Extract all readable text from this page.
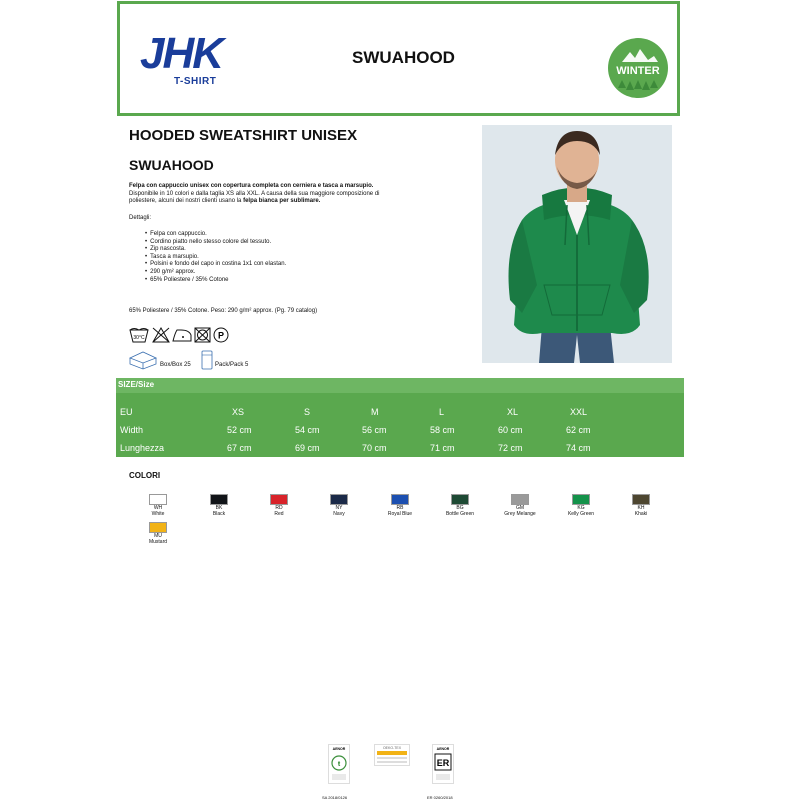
JHK
T-SHIRT
SWUAHOOD
WINTER
HOODED SWEATSHIRT UNISEX
SWUAHOOD
Felpa con cappuccio unisex con copertura completa con cerniera e tasca a marsupio. Disponibile in 10 colori e dalla taglia XS alla XXL. A causa della sua maggiore composizione di poliestere, alcuni dei nostri clienti usano la felpa bianca per sublimare.
Dettagli:
• Felpa con cappuccio.
• Cordino piatto nello stesso colore del tessuto.
• Zip nascosta.
• Tasca a marsupio.
• Polsini e fondo del capo in costina 1x1 con elastan.
• 290 g/m² approx.
• 65% Poliestere / 35% Cotone
65% Poliestere / 35% Cotone. Peso: 290 g/m² approx. (Pg. 79 catalog)
30°C	P
Box/Box 25	Pack/Pack 5
SIZE/Size
EU	XS	S	M	L	XL	XXL
Width	52 cm	54 cm	56 cm	58 cm	60 cm	62 cm
Lunghezza	67 cm	69 cm	70 cm	71 cm	72 cm	74 cm
COLORI
WH
White
BK
Black
RD
Red
NY
Navy
RB
Royal Blue
BG
Bottle Green
GM
Grey Melange
KG
Kelly Green
KH
Khaki
MU
Mustard
AENOR
ŧ
OEKO-TEX	AENOR
ER
SA 2018/0126	ER 0260/2018
